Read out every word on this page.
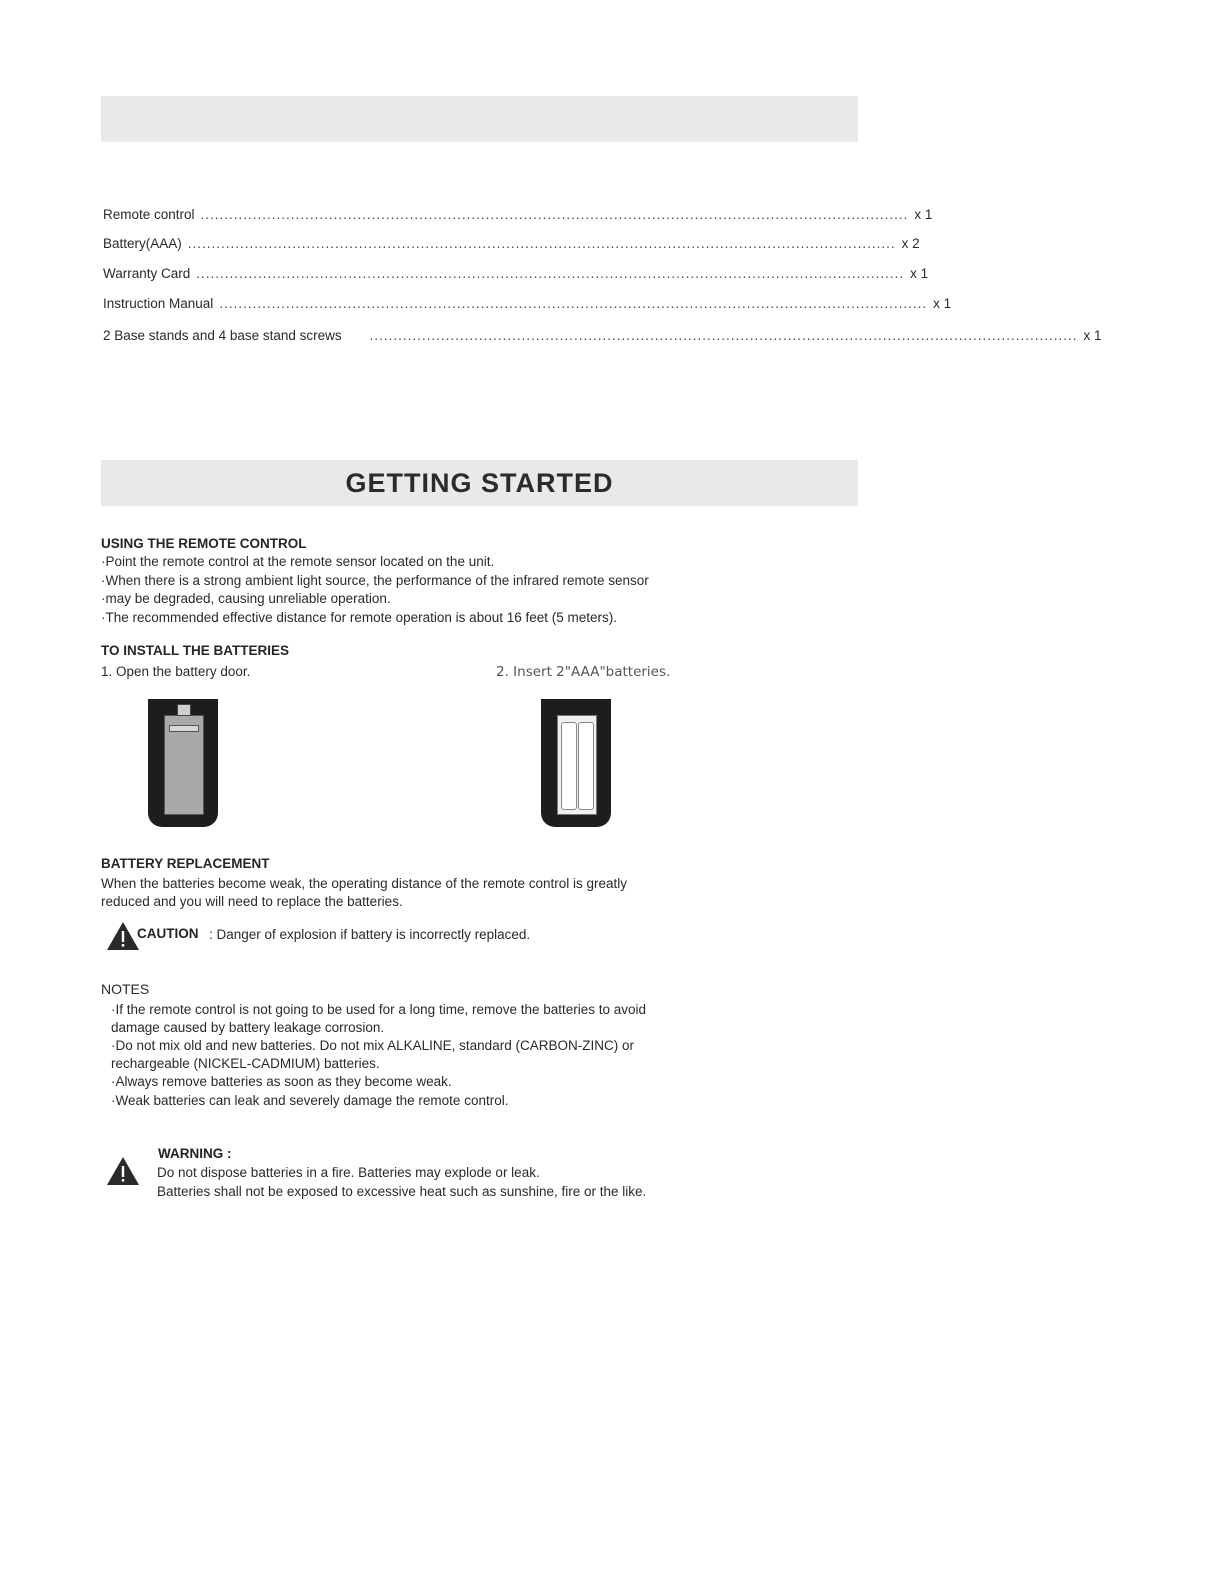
Remote control ..................................................................................................................................................... x 1
Battery(AAA) ..................................................................................................................................................... x 2
Warranty Card ..................................................................................................................................................... x 1
Instruction Manual ..................................................................................................................................................... x 1
2 Base stands and 4 base stand screws ..................................................................................................................................................... x 1
GETTING STARTED
USING THE REMOTE CONTROL
·Point the remote control at the remote sensor located on the unit.
·When there is a strong ambient light source, the performance of the infrared remote sensor
·may be degraded, causing unreliable operation.
·The recommended effective distance for remote operation is about 16 feet (5 meters).
TO INSTALL THE BATTERIES
1. Open the battery door.	2. Insert 2"AAA"batteries.
BATTERY REPLACEMENT
When the batteries become weak, the operating distance of the remote control is greatly
reduced and you will need to replace the batteries.
CAUTION : Danger of explosion if battery is incorrectly replaced.
NOTES
·If the remote control is not going to be used for a long time, remove the batteries to avoid
damage caused by battery leakage corrosion.
·Do not mix old and new batteries. Do not mix ALKALINE, standard (CARBON-ZINC) or
rechargeable (NICKEL-CADMIUM) batteries.
·Always remove batteries as soon as they become weak.
·Weak batteries can leak and severely damage the remote control.
WARNING :
Do not dispose batteries in a fire. Batteries may explode or leak.
Batteries shall not be exposed to excessive heat such as sunshine, fire or the like.
